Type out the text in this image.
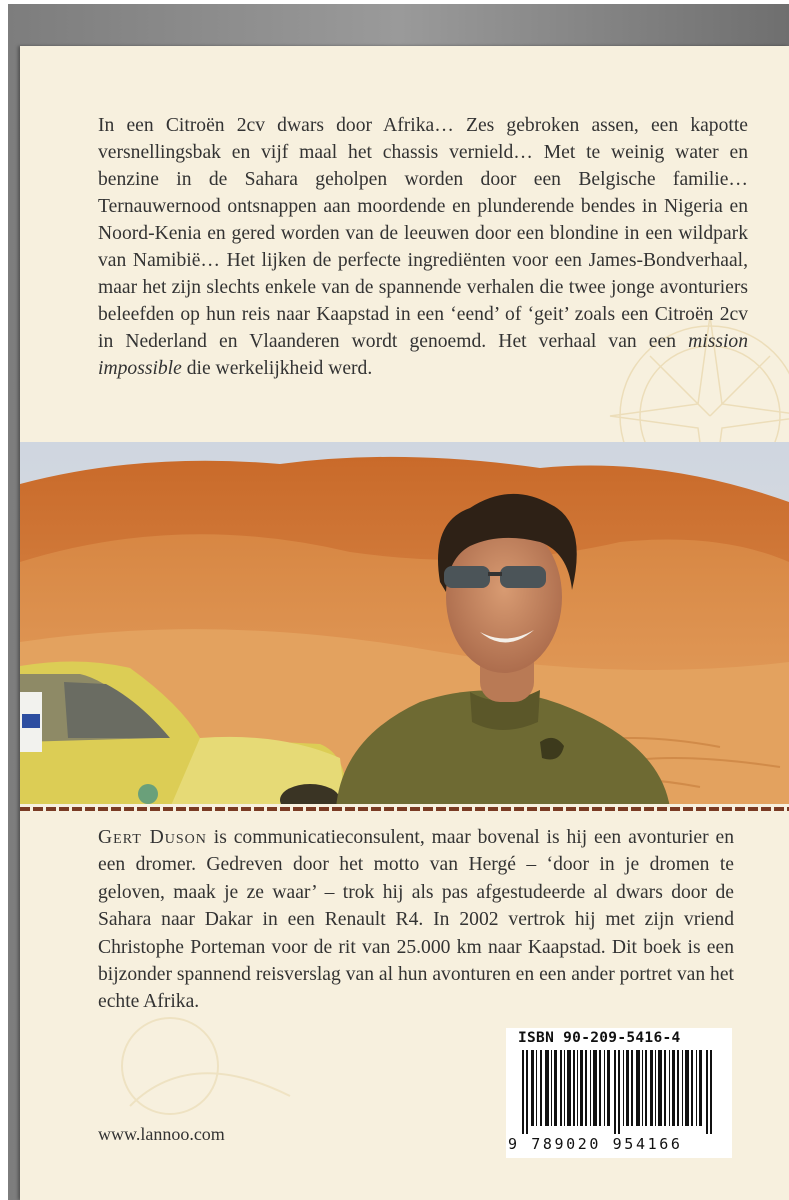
In een Citroën 2cv dwars door Afrika… Zes gebroken assen, een kapotte versnellingsbak en vijf maal het chassis vernield… Met te weinig water en benzine in de Sahara geholpen worden door een Belgische familie… Ternauwernood ontsnappen aan moordende en plunderende bendes in Nigeria en Noord-Kenia en gered worden van de leeuwen door een blondine in een wildpark van Namibië… Het lijken de perfecte ingrediënten voor een James-Bondverhaal, maar het zijn slechts enkele van de spannende verhalen die twee jonge avonturiers beleefden op hun reis naar Kaapstad in een ‘eend’ of ‘geit’ zoals een Citroën 2cv in Nederland en Vlaanderen wordt genoemd. Het verhaal van een mission impossible die werkelijkheid werd.
Gert Duson is communicatieconsulent, maar bovenal is hij een avonturier en een dromer. Gedreven door het motto van Hergé – ‘door in je dromen te geloven, maak je ze waar’ – trok hij als pas afgestudeerde al dwars door de Sahara naar Dakar in een Renault R4. In 2002 vertrok hij met zijn vriend Christophe Porteman voor de rit van 25.000 km naar Kaapstad. Dit boek is een bijzonder spannend reisverslag van al hun avonturen en een ander portret van het echte Afrika.
www.lannoo.com
ISBN 90-209-5416-4
9 789020 954166
